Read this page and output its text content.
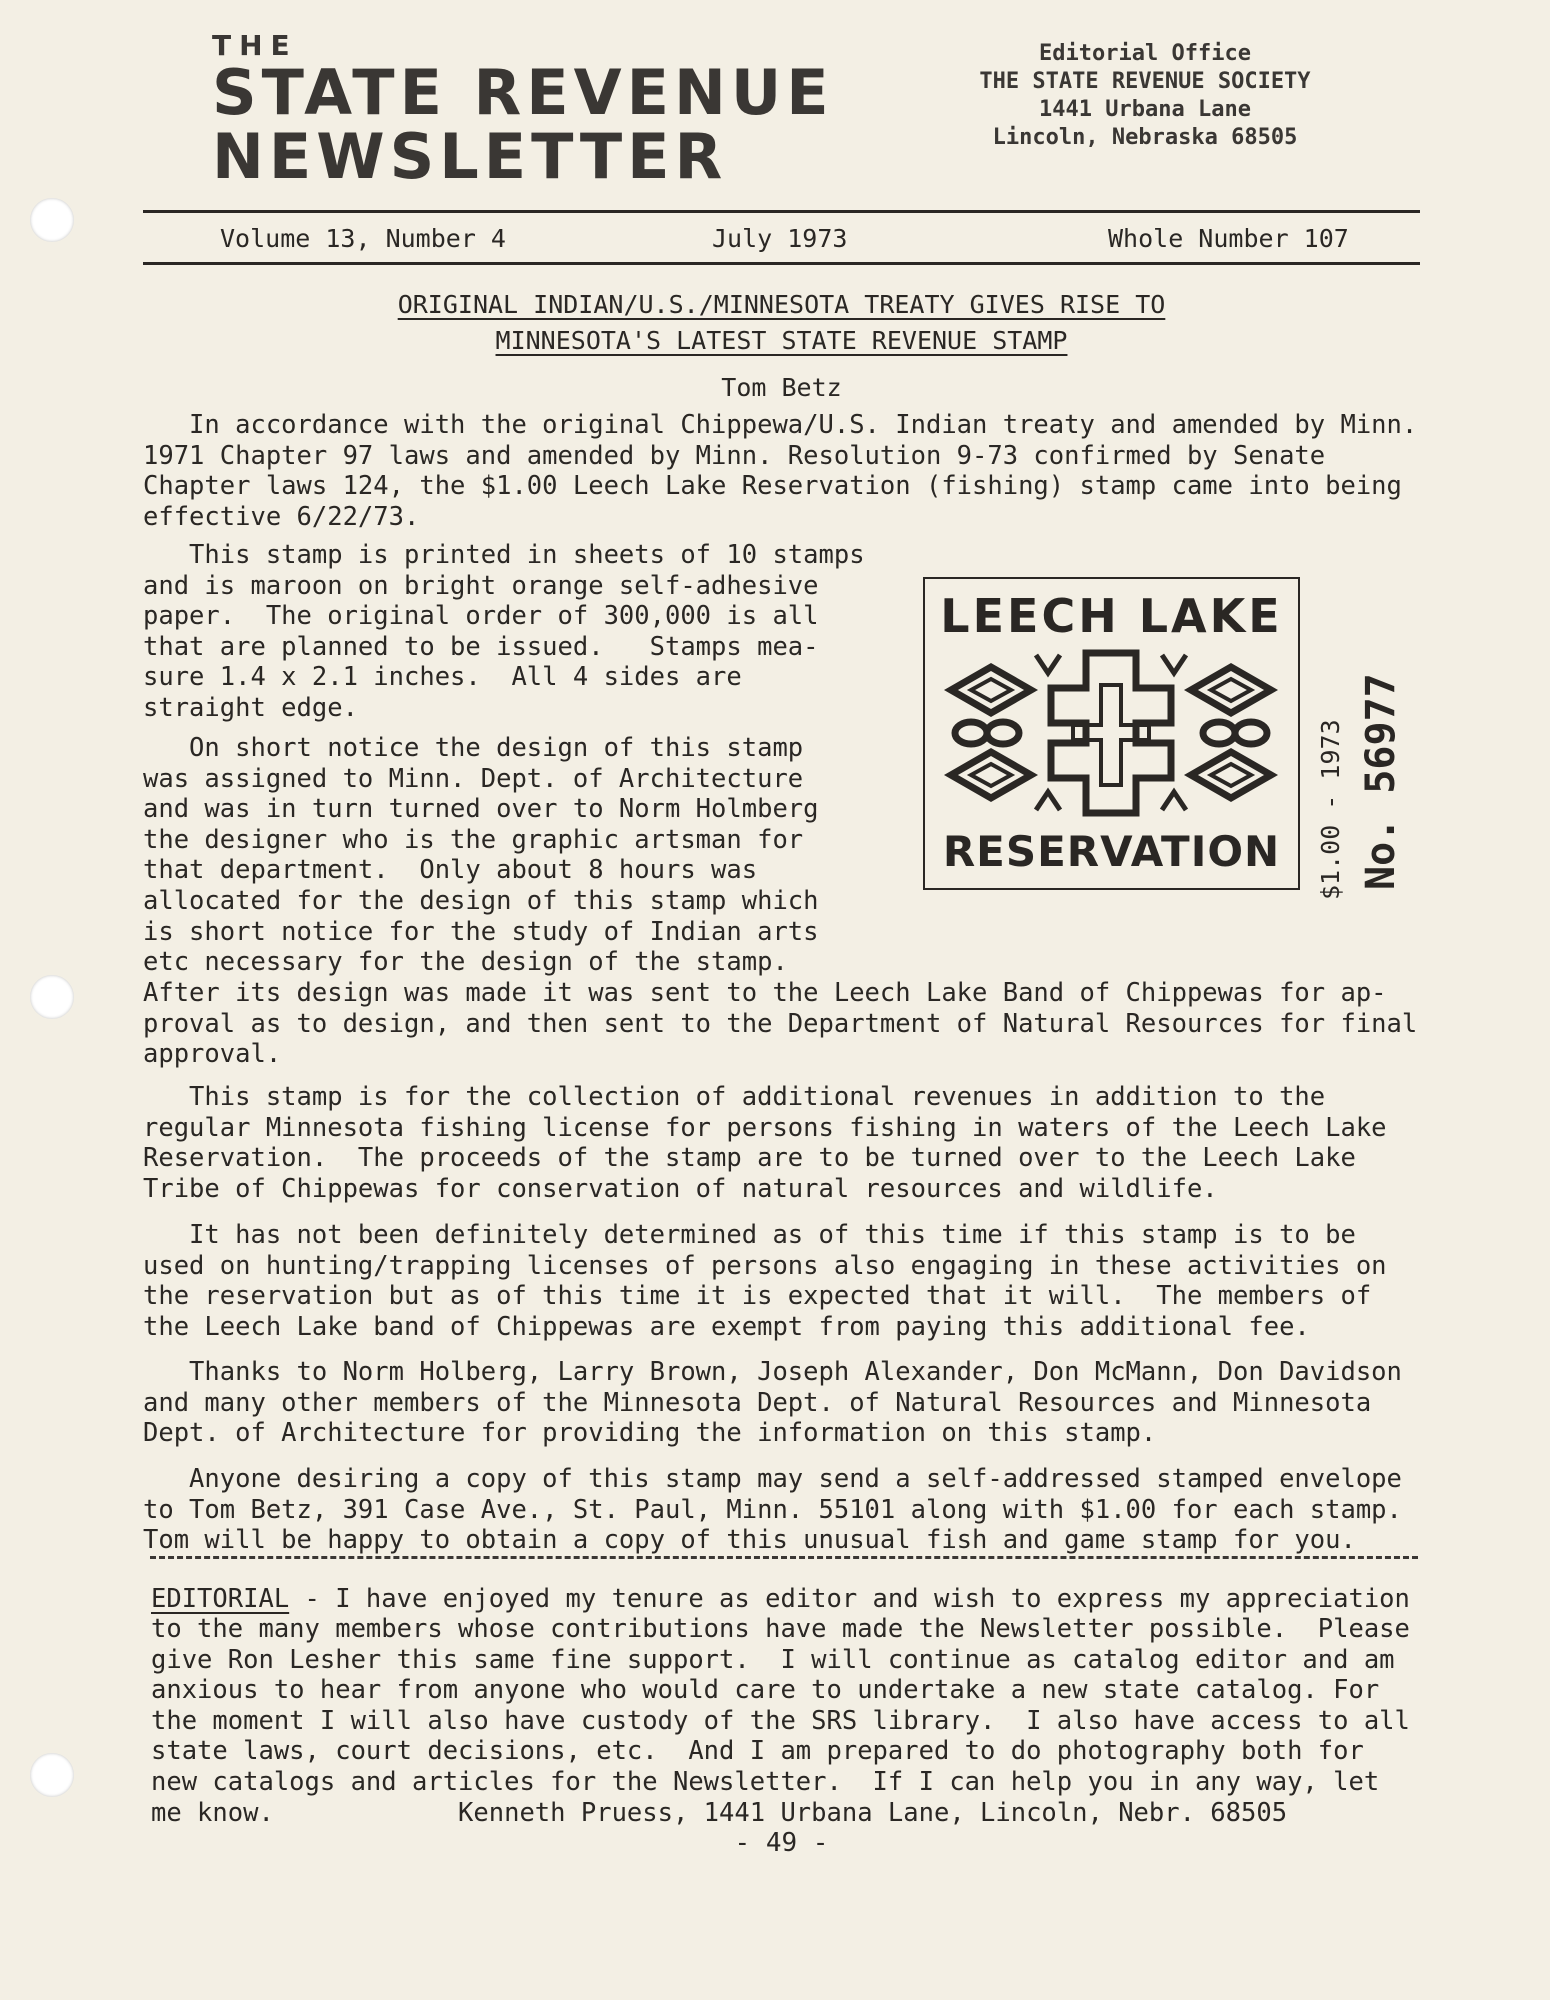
THE
STATE REVENUE
NEWSLETTER
Editorial Office
THE STATE REVENUE SOCIETY
1441 Urbana Lane
Lincoln, Nebraska 68505
Volume 13, Number 4	July 1973	Whole Number 107
ORIGINAL INDIAN/U.S./MINNESOTA TREATY GIVES RISE TO
MINNESOTA'S LATEST STATE REVENUE STAMP
Tom Betz
In accordance with the original Chippewa/U.S. Indian treaty and amended by Minn.
1971 Chapter 97 laws and amended by Minn. Resolution 9-73 confirmed by Senate
Chapter laws 124, the $1.00 Leech Lake Reservation (fishing) stamp came into being
effective 6/22/73.
This stamp is printed in sheets of 10 stamps
and is maroon on bright orange self-adhesive
paper.  The original order of 300,000 is all
that are planned to be issued.   Stamps mea-
sure 1.4 x 2.1 inches.  All 4 sides are
straight edge.
On short notice the design of this stamp
was assigned to Minn. Dept. of Architecture
and was in turn turned over to Norm Holmberg
the designer who is the graphic artsman for
that department.  Only about 8 hours was
allocated for the design of this stamp which
is short notice for the study of Indian arts
etc necessary for the design of the stamp.
After its design was made it was sent to the Leech Lake Band of Chippewas for ap-
proval as to design, and then sent to the Department of Natural Resources for final
approval.
This stamp is for the collection of additional revenues in addition to the
regular Minnesota fishing license for persons fishing in waters of the Leech Lake
Reservation.  The proceeds of the stamp are to be turned over to the Leech Lake
Tribe of Chippewas for conservation of natural resources and wildlife.
It has not been definitely determined as of this time if this stamp is to be
used on hunting/trapping licenses of persons also engaging in these activities on
the reservation but as of this time it is expected that it will.  The members of
the Leech Lake band of Chippewas are exempt from paying this additional fee.
Thanks to Norm Holberg, Larry Brown, Joseph Alexander, Don McMann, Don Davidson
and many other members of the Minnesota Dept. of Natural Resources and Minnesota
Dept. of Architecture for providing the information on this stamp.
Anyone desiring a copy of this stamp may send a self-addressed stamped envelope
to Tom Betz, 391 Case Ave., St. Paul, Minn. 55101 along with $1.00 for each stamp.
Tom will be happy to obtain a copy of this unusual fish and game stamp for you.
LEECH LAKE
RESERVATION	$1.00 - 1973 No. 56977
EDITORIAL - I have enjoyed my tenure as editor and wish to express my appreciation
to the many members whose contributions have made the Newsletter possible.  Please
give Ron Lesher this same fine support.  I will continue as catalog editor and am
anxious to hear from anyone who would care to undertake a new state catalog. For
the moment I will also have custody of the SRS library.  I also have access to all
state laws, court decisions, etc.  And I am prepared to do photography both for
new catalogs and articles for the Newsletter.  If I can help you in any way, let
me know.            Kenneth Pruess, 1441 Urbana Lane, Lincoln, Nebr. 68505
- 49 -
